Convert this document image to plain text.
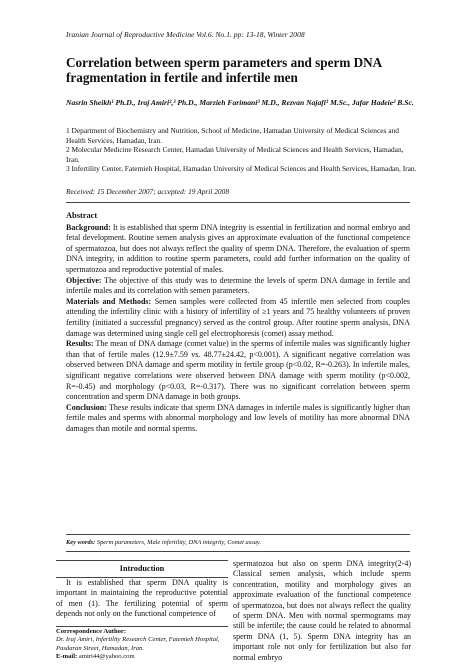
Iranian Journal of Reproductive Medicine Vol.6. No.1. pp: 13-18, Winter 2008
Correlation between sperm parameters and sperm DNA fragmentation in fertile and infertile men
Nasrin Sheikh¹ Ph.D., Iraj Amiri²,³ Ph.D., Marzieh Farimani³ M.D., Rezvan Najafi¹ M.Sc., Jafar Hadeie² B.Sc.

1 Department of Biochemistry and Nutrition, School of Medicine, Hamadan University of Medical Sciences and Health Services, Hamadan, Iran.

2 Molecular Medicine Research Center, Hamadan University of Medical Sciences and Health Services, Hamadan, Iran.

3 Infertility Center, Fatemieh Hospital, Hamadan University of Medical Sciences and Health Services, Hamadan, Iran.

Received: 15 December 2007; accepted: 19 April 2008
Abstract

Background: It is established that sperm DNA integrity is essential in fertilization and normal embryo and fetal development. Routine semen analysis gives an approximate evaluation of the functional competence of spermatozoa, but does not always reflect the quality of sperm DNA. Therefore, the evaluation of sperm DNA integrity, in addition to routine sperm parameters, could add further information on the quality of spermatozoa and reproductive potential of males.

Objective: The objective of this study was to determine the levels of sperm DNA damage in fertile and infertile males and its correlation with semen parameters.

Materials and Methods: Semen samples were collected from 45 infertile men selected from couples attending the infertility clinic with a history of infertility of ≥1 years and 75 healthy volunteers of proven fertility (initiated a successful pregnancy) served as the control group. After routine sperm analysis, DNA damage was determined using single cell gel electrophoresis (comet) assay method.

Results: The mean of DNA damage (comet value) in the sperms of infertile males was significantly higher than that of fertile males (12.9±7.59 vs. 48.77±24.42, p<0.001). A significant negative correlation was observed between DNA damage and sperm motility in fertile group (p<0.02, R=-0.263). In infertile males, significant negative correlations were observed between DNA damage with sperm motility (p<0.002, R=-0.45) and morphology (p<0.03, R=-0.317). There was no significant correlation between sperm concentration and sperm DNA damage in both groups.

Conclusion: These results indicate that sperm DNA damages in infertile males is significantly higher than fertile males and sperms with abnormal morphology and low levels of motility has more abnormal DNA damages than motile and normal sperms.

Key words: Sperm parameters, Male infertility, DNA integrity, Comet assay.
Introduction

It is established that sperm DNA quality is important in maintaining the reproductive potential of men (1). The fertilizing potential of sperm depends not only on the functional competence of

spermatozoa but also on sperm DNA integrity(2-4) Classical semen analysis, which include sperm concentration, motility and morphology gives an approximate evaluation of the functional competence of spermatozoa, but does not always reflect the quality of sperm DNA. Men with normal spermograms may still be infertile; the cause could be related to abnormal sperm DNA (1, 5). Sperm DNA integrity has an important role not only for fertilization but also for normal embryo

Correspondence Author:
Dr. Iraj Amiri, Infertility Research Center, Fatemieh Hospital, Pasdaran Street, Hamadan, Iran.
E-mail: amiri44@yahoo.com
